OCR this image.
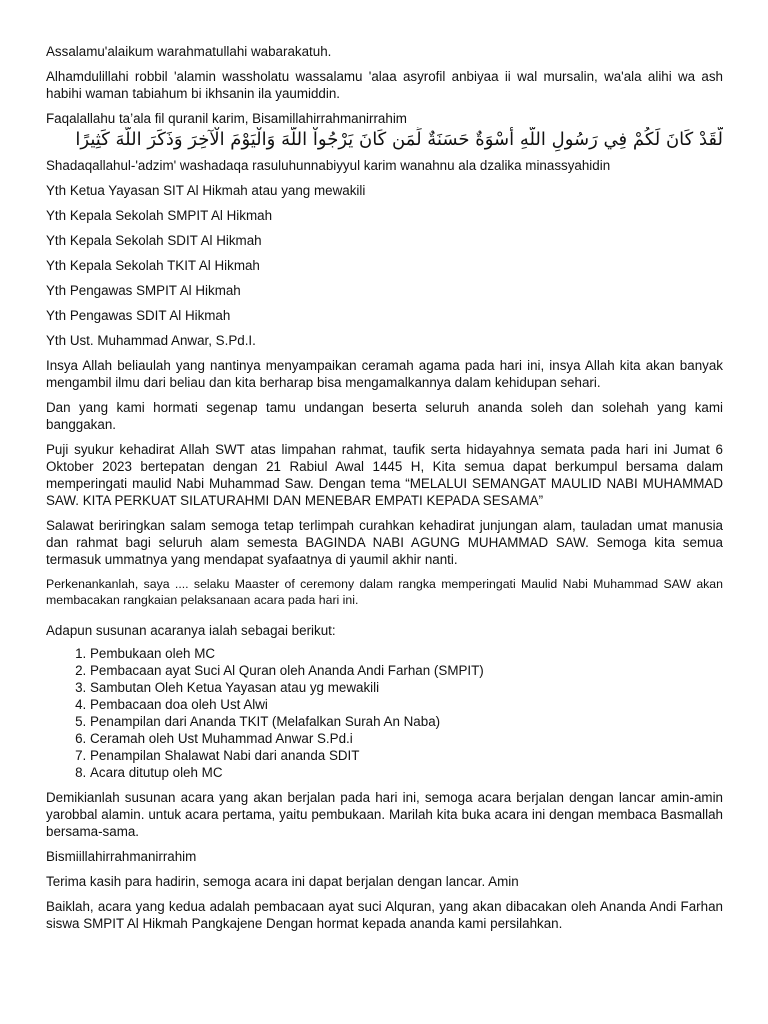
Assalamu'alaikum warahmatullahi wabarakatuh.

Alhamdulillahi robbil 'alamin wassholatu wassalamu 'alaa asyrofil anbiyaa ii wal mursalin, wa'ala alihi wa ash habihi waman tabiahum bi ikhsanin ila yaumiddin.

Faqalallahu ta’ala fil quranil karim, Bisamillahirrahmanirrahim

لَّقَدْ كَانَ لَكُمْ فِي رَسُولِ اللَّهِ أُسْوَةٌ حَسَنَةٌ لِّمَن كَانَ يَرْجُواْ اللَّهَ وَالْيَوْمَ الْآخِرَ وَذَكَرَ اللَّهَ كَثِيرًا

Shadaqallahul-'adzim' washadaqa rasuluhunnabiyyul karim wanahnu ala dzalika minassyahidin

Yth Ketua Yayasan SIT Al Hikmah atau yang mewakili

Yth Kepala Sekolah SMPIT Al Hikmah

Yth Kepala Sekolah SDIT Al Hikmah

Yth Kepala Sekolah TKIT Al Hikmah

Yth Pengawas SMPIT Al Hikmah

Yth Pengawas SDIT Al Hikmah

Yth Ust. Muhammad Anwar, S.Pd.I.

Insya Allah beliaulah yang nantinya menyampaikan ceramah agama pada hari ini, insya Allah kita akan banyak mengambil ilmu dari beliau dan kita berharap bisa mengamalkannya dalam kehidupan sehari.

Dan yang kami hormati segenap tamu undangan beserta seluruh ananda soleh dan solehah yang kami banggakan.

Puji syukur kehadirat Allah SWT atas limpahan rahmat, taufik serta hidayahnya semata pada hari ini Jumat 6 Oktober 2023 bertepatan dengan 21 Rabiul Awal 1445 H, Kita semua dapat berkumpul bersama dalam memperingati maulid Nabi Muhammad Saw. Dengan tema “MELALUI SEMANGAT MAULID NABI MUHAMMAD SAW. KITA PERKUAT SILATURAHMI DAN MENEBAR EMPATI KEPADA SESAMA”

Salawat beriringkan salam semoga tetap terlimpah curahkan kehadirat junjungan alam, tauladan umat manusia dan rahmat bagi seluruh alam semesta BAGINDA NABI AGUNG MUHAMMAD SAW. Semoga kita semua termasuk ummatnya yang mendapat syafaatnya di yaumil akhir nanti.

Perkenankanlah, saya .... selaku Maaster of ceremony dalam rangka memperingati Maulid Nabi Muhammad SAW akan membacakan rangkaian pelaksanaan acara pada hari ini.

Adapun susunan acaranya ialah sebagai berikut:

1. Pembukaan oleh MC
2. Pembacaan ayat Suci Al Quran oleh Ananda Andi Farhan (SMPIT)
3. Sambutan Oleh Ketua Yayasan atau yg mewakili
4. Pembacaan doa oleh Ust Alwi
5. Penampilan dari Ananda TKIT (Melafalkan Surah An Naba)
6. Ceramah oleh Ust Muhammad Anwar S.Pd.i
7. Penampilan Shalawat Nabi dari ananda SDIT
8. Acara ditutup oleh MC

Demikianlah susunan acara yang akan berjalan pada hari ini, semoga acara berjalan dengan lancar amin-amin yarobbal alamin. untuk acara pertama, yaitu pembukaan. Marilah kita buka acara ini dengan membaca Basmallah bersama-sama.

Bismiillahirrahmanirrahim

Terima kasih para hadirin, semoga acara ini dapat berjalan dengan lancar. Amin

Baiklah, acara yang kedua adalah pembacaan ayat suci Alquran, yang akan dibacakan oleh Ananda Andi Farhan siswa SMPIT Al Hikmah Pangkajene Dengan hormat kepada ananda kami persilahkan.
